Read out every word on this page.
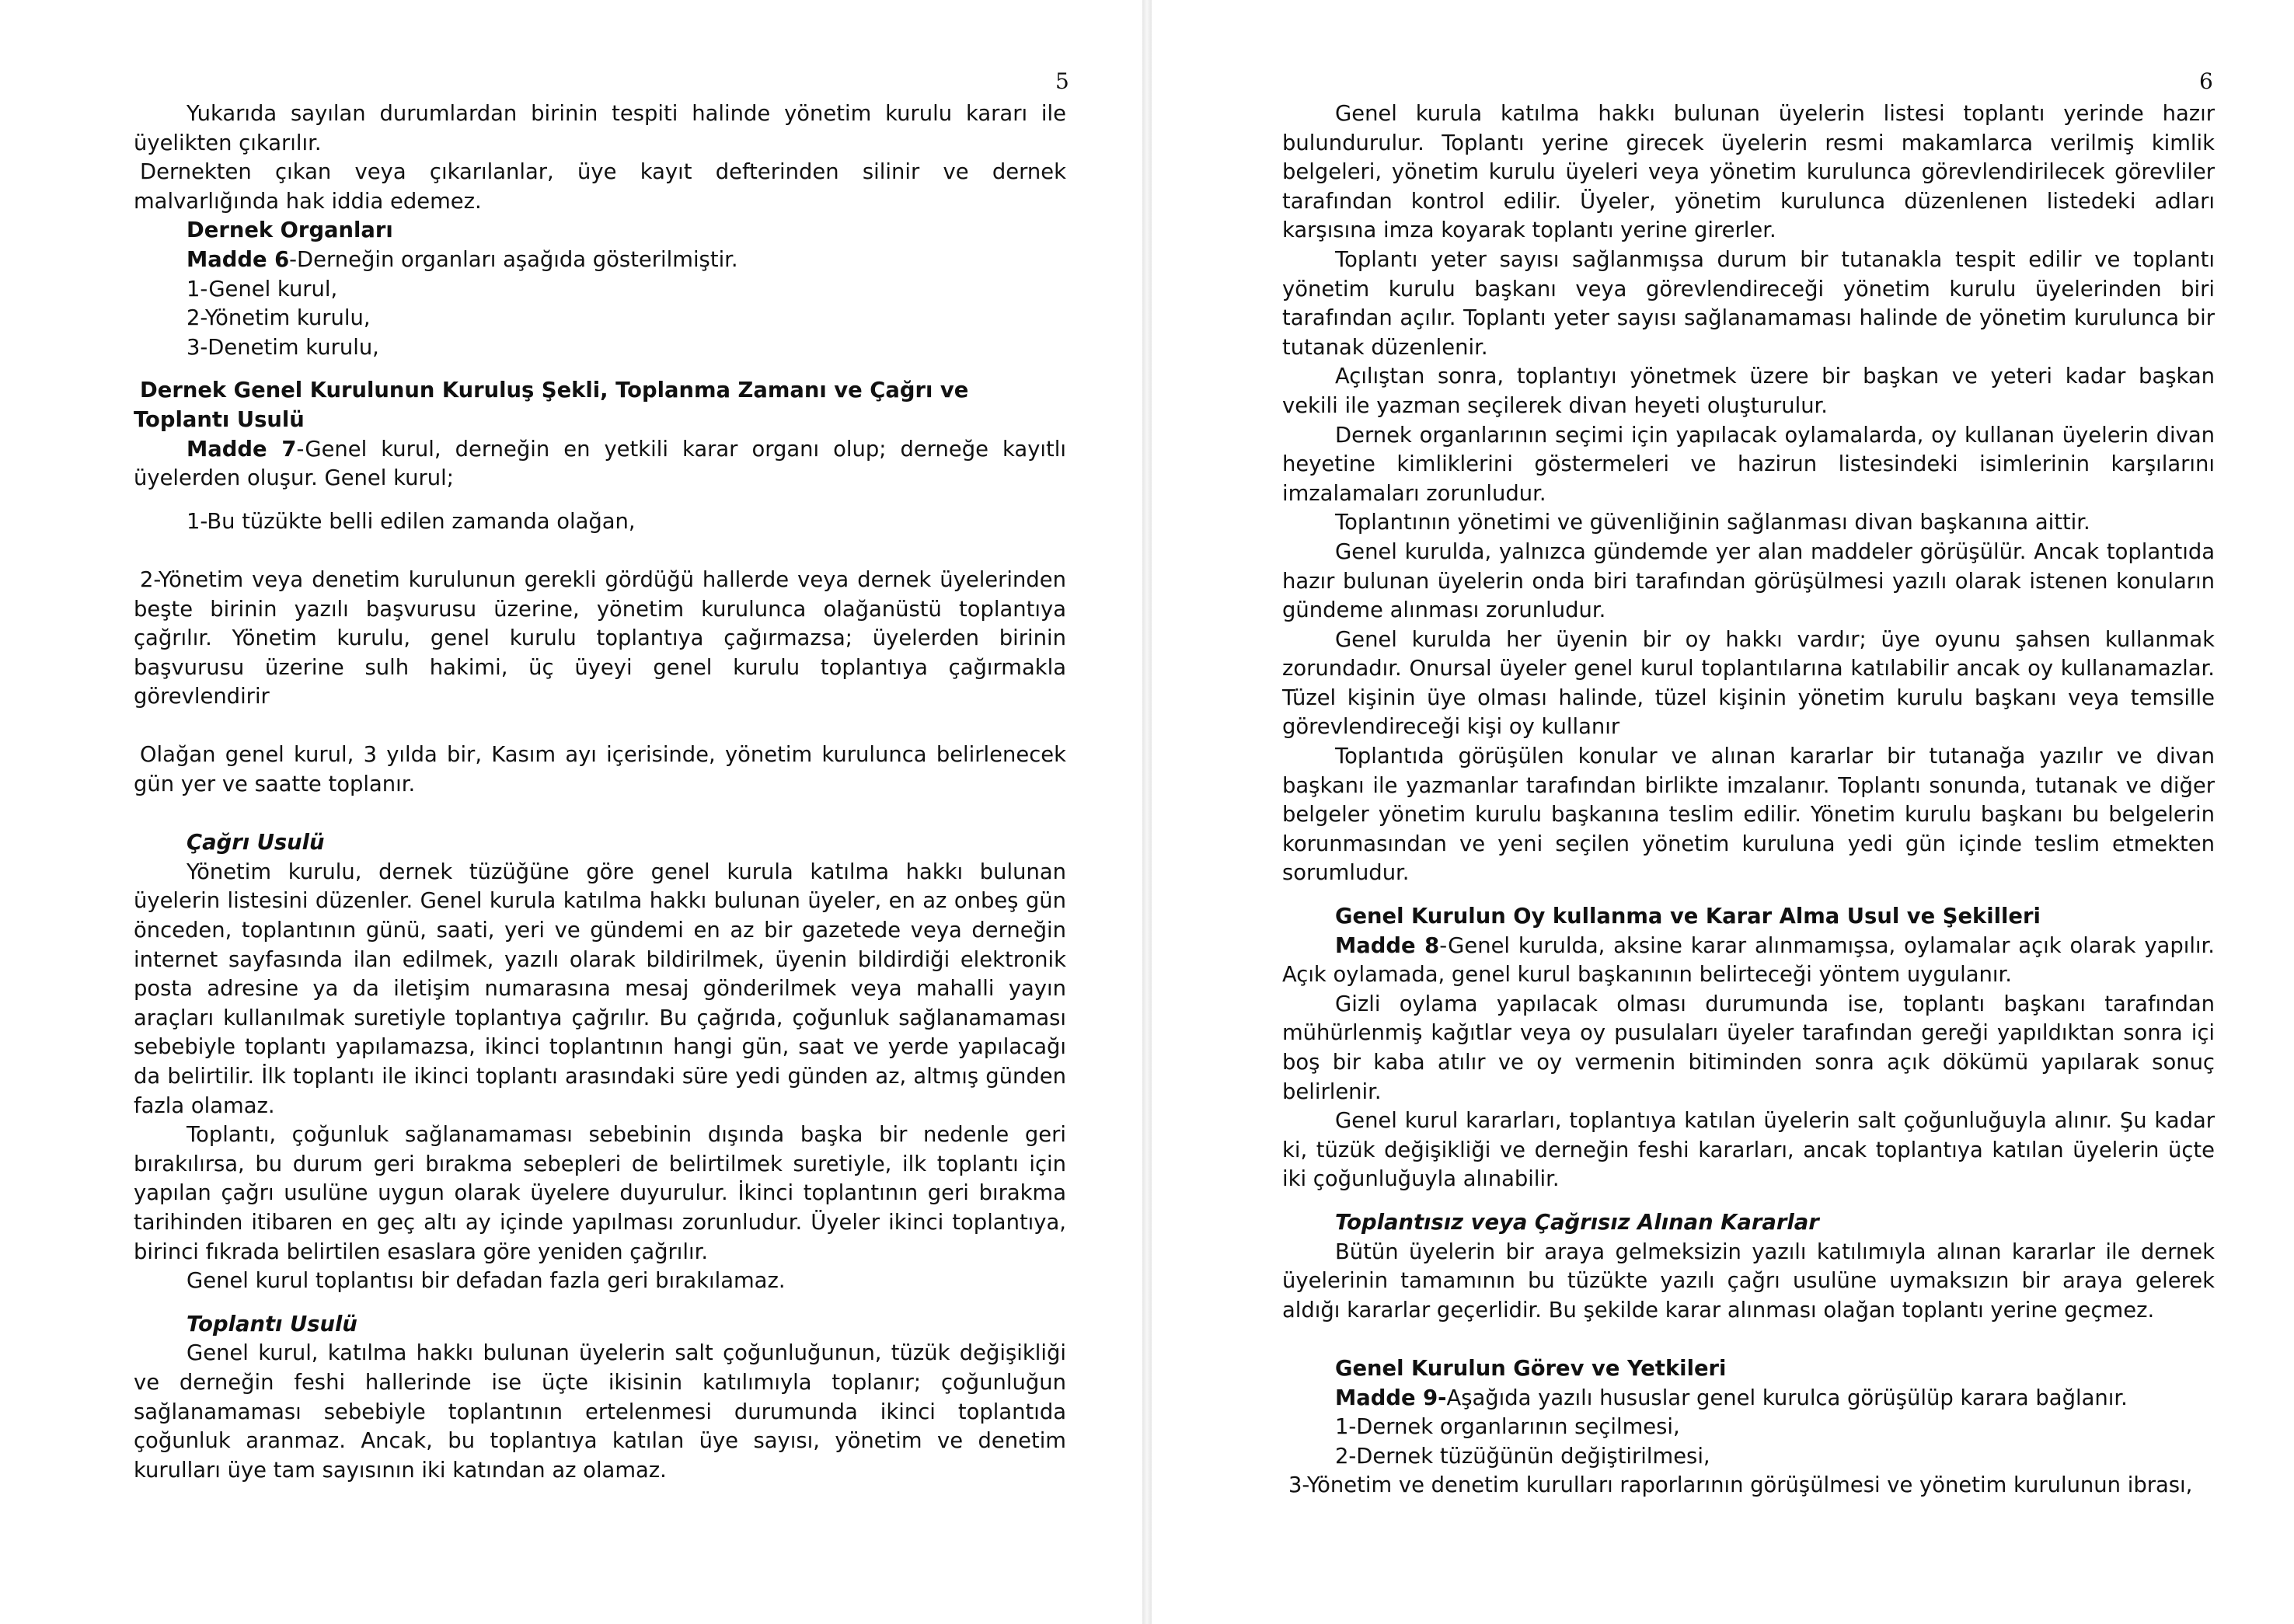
5

Yukarıda sayılan durumlardan birinin tespiti halinde yönetim kurulu kararı ile üyelikten çıkarılır.

Dernekten çıkan veya çıkarılanlar, üye kayıt defterinden silinir ve dernek malvarlığında hak iddia edemez.

Dernek Organları

Madde 6-Derneğin organları aşağıda gösterilmiştir.

1-Genel kurul,

2-Yönetim kurulu,

3-Denetim kurulu,

Dernek Genel Kurulunun Kuruluş Şekli, Toplanma Zamanı ve Çağrı ve Toplantı Usulü

Madde 7-Genel kurul, derneğin en yetkili karar organı olup; derneğe kayıtlı üyelerden oluşur. Genel kurul;

1-Bu tüzükte belli edilen zamanda olağan,

2-Yönetim veya denetim kurulunun gerekli gördüğü hallerde veya dernek üyelerinden beşte birinin yazılı başvurusu üzerine, yönetim kurulunca olağanüstü toplantıya çağrılır. Yönetim kurulu, genel kurulu toplantıya çağırmazsa; üyelerden birinin başvurusu üzerine sulh hakimi, üç üyeyi genel kurulu toplantıya çağırmakla görevlendirir

Olağan genel kurul, 3 yılda bir, Kasım ayı içerisinde, yönetim kurulunca belirlenecek gün yer ve saatte toplanır.

Çağrı Usulü

Yönetim kurulu, dernek tüzüğüne göre genel kurula katılma hakkı bulunan üyelerin listesini düzenler. Genel kurula katılma hakkı bulunan üyeler, en az onbeş gün önceden, toplantının günü, saati, yeri ve gündemi en az bir gazetede veya derneğin internet sayfasında ilan edilmek, yazılı olarak bildirilmek, üyenin bildirdiği elektronik posta adresine ya da iletişim numarasına mesaj gönderilmek veya mahalli yayın araçları kullanılmak suretiyle toplantıya çağrılır. Bu çağrıda, çoğunluk sağlanamaması sebebiyle toplantı yapılamazsa, ikinci toplantının hangi gün, saat ve yerde yapılacağı da belirtilir. İlk toplantı ile ikinci toplantı arasındaki süre yedi günden az, altmış günden fazla olamaz.

Toplantı, çoğunluk sağlanamaması sebebinin dışında başka bir nedenle geri bırakılırsa, bu durum geri bırakma sebepleri de belirtilmek suretiyle, ilk toplantı için yapılan çağrı usulüne uygun olarak üyelere duyurulur. İkinci toplantının geri bırakma tarihinden itibaren en geç altı ay içinde yapılması zorunludur. Üyeler ikinci toplantıya, birinci fıkrada belirtilen esaslara göre yeniden çağrılır.

Genel kurul toplantısı bir defadan fazla geri bırakılamaz.

Toplantı Usulü

Genel kurul, katılma hakkı bulunan üyelerin salt çoğunluğunun, tüzük değişikliği ve derneğin feshi hallerinde ise üçte ikisinin katılımıyla toplanır; çoğunluğun sağlanamaması sebebiyle toplantının ertelenmesi durumunda ikinci toplantıda çoğunluk aranmaz. Ancak, bu toplantıya katılan üye sayısı, yönetim ve denetim kurulları üye tam sayısının iki katından az olamaz.

6

Genel kurula katılma hakkı bulunan üyelerin listesi toplantı yerinde hazır bulundurulur. Toplantı yerine girecek üyelerin resmi makamlarca verilmiş kimlik belgeleri, yönetim kurulu üyeleri veya yönetim kurulunca görevlendirilecek görevliler tarafından kontrol edilir. Üyeler, yönetim kurulunca düzenlenen listedeki adları karşısına imza koyarak toplantı yerine girerler.

Toplantı yeter sayısı sağlanmışsa durum bir tutanakla tespit edilir ve toplantı yönetim kurulu başkanı veya görevlendireceği yönetim kurulu üyelerinden biri tarafından açılır. Toplantı yeter sayısı sağlanamaması halinde de yönetim kurulunca bir tutanak düzenlenir.

Açılıştan sonra, toplantıyı yönetmek üzere bir başkan ve yeteri kadar başkan vekili ile yazman seçilerek divan heyeti oluşturulur.

Dernek organlarının seçimi için yapılacak oylamalarda, oy kullanan üyelerin divan heyetine kimliklerini göstermeleri ve hazirun listesindeki isimlerinin karşılarını imzalamaları zorunludur.

Toplantının yönetimi ve güvenliğinin sağlanması divan başkanına aittir.

Genel kurulda, yalnızca gündemde yer alan maddeler görüşülür. Ancak toplantıda hazır bulunan üyelerin onda biri tarafından görüşülmesi yazılı olarak istenen konuların gündeme alınması zorunludur.

Genel kurulda her üyenin bir oy hakkı vardır; üye oyunu şahsen kullanmak zorundadır. Onursal üyeler genel kurul toplantılarına katılabilir ancak oy kullanamazlar. Tüzel kişinin üye olması halinde, tüzel kişinin yönetim kurulu başkanı veya temsille görevlendireceği kişi oy kullanır

Toplantıda görüşülen konular ve alınan kararlar bir tutanağa yazılır ve divan başkanı ile yazmanlar tarafından birlikte imzalanır. Toplantı sonunda, tutanak ve diğer belgeler yönetim kurulu başkanına teslim edilir. Yönetim kurulu başkanı bu belgelerin korunmasından ve yeni seçilen yönetim kuruluna yedi gün içinde teslim etmekten sorumludur.

Genel Kurulun Oy kullanma ve Karar Alma Usul ve Şekilleri

Madde 8-Genel kurulda, aksine karar alınmamışsa, oylamalar açık olarak yapılır. Açık oylamada, genel kurul başkanının belirteceği yöntem uygulanır.

Gizli oylama yapılacak olması durumunda ise, toplantı başkanı tarafından mühürlenmiş kağıtlar veya oy pusulaları üyeler tarafından gereği yapıldıktan sonra içi boş bir kaba atılır ve oy vermenin bitiminden sonra açık dökümü yapılarak sonuç belirlenir.

Genel kurul kararları, toplantıya katılan üyelerin salt çoğunluğuyla alınır. Şu kadar ki, tüzük değişikliği ve derneğin feshi kararları, ancak toplantıya katılan üyelerin üçte iki çoğunluğuyla alınabilir.

Toplantısız veya Çağrısız Alınan Kararlar

Bütün üyelerin bir araya gelmeksizin yazılı katılımıyla alınan kararlar ile dernek üyelerinin tamamının bu tüzükte yazılı çağrı usulüne uymaksızın bir araya gelerek aldığı kararlar geçerlidir. Bu şekilde karar alınması olağan toplantı yerine geçmez.

Genel Kurulun Görev ve Yetkileri

Madde 9-Aşağıda yazılı hususlar genel kurulca görüşülüp karara bağlanır.

1-Dernek organlarının seçilmesi,

2-Dernek tüzüğünün değiştirilmesi,

3-Yönetim ve denetim kurulları raporlarının görüşülmesi ve yönetim kurulunun ibrası,
